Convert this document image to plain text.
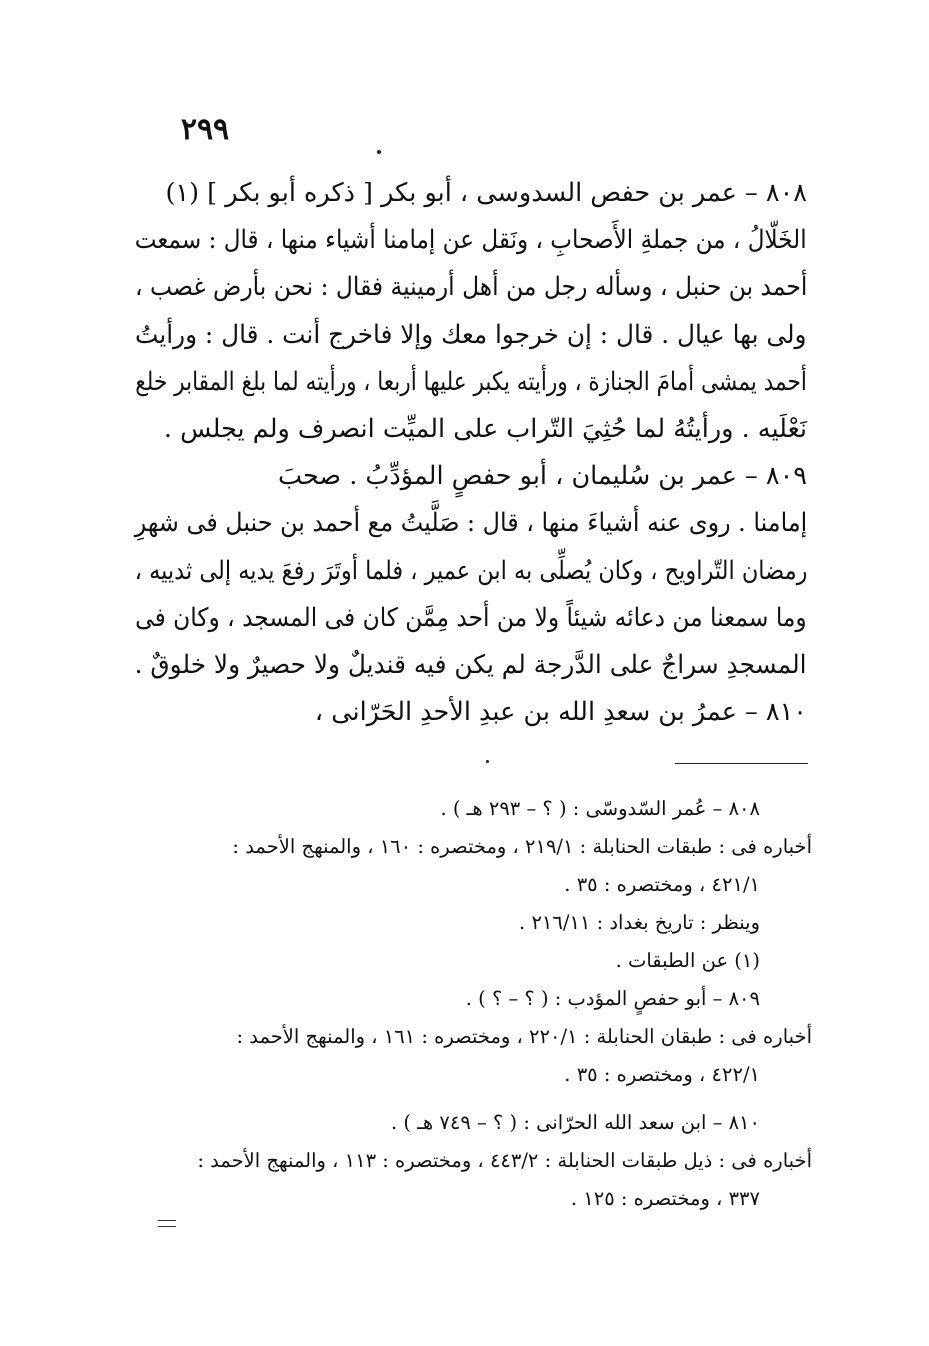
٢٩٩
٨٠٨ – عمر بن حفص السدوسى ، أبو بكر [ ذكره أبو بكر ] (١)
الخَلّالُ ، من جملةِ الأَصحابِ ، ونَقل عن إمامنا أشياء منها ، قال : سمعت
أحمد بن حنبل ، وسأله رجل من أهل أرمينية فقال : نحن بأرض غصب ،
ولى بها عيال . قال : إن خرجوا معك وإلا فاخرج أنت . قال : ورأيتُ
أحمد يمشى أمامَ الجنازة ، ورأيته يكبر عليها أربعا ، ورأيته لما بلغ المقابر خلع
نَعْلَيه . ورأيتُهُ لما حُثِيَ التّراب على الميِّت انصرف ولم يجلس .
٨٠٩ – عمر بن سُليمان ، أبو حفصٍ المؤدِّبُ . صحبَ
إمامنا . روى عنه أشياءَ منها ، قال : صَلَّيتُ مع أحمد بن حنبل فى شهرِ
رمضان التّراويح ، وكان يُصلِّى به ابن عمير ، فلما أوتَرَ رفعَ يديه إلى ثدييه ،
وما سمعنا من دعائه شيئاً ولا من أحد مِمَّن كان فى المسجد ، وكان فى
المسجدِ سراجٌ على الدَّرجة لم يكن فيه قنديلٌ ولا حصيرٌ ولا خلوقٌ .
٨١٠ – عمرُ بن سعدِ الله بن عبدِ الأحدِ الحَرّانى ،
٨٠٨ – عُمر السّدوسّى : ( ؟ – ٢٩٣ هـ ) .
أخباره فى : طبقات الحنابلة : ٢١٩/١ ، ومختصره : ١٦٠ ، والمنهج الأحمد :
٤٢١/١ ، ومختصره : ٣٥ .
وينظر : تاريخ بغداد : ٢١٦/١١ .
(١) عن الطبقات .
٨٠٩ – أبو حفصٍ المؤدب : ( ؟ – ؟ ) .
أخباره فى : طبقان الحنابلة : ٢٢٠/١ ، ومختصره : ١٦١ ، والمنهج الأحمد :
٤٢٢/١ ، ومختصره : ٣٥ .
٨١٠ – ابن سعد الله الحرّانى : ( ؟ – ٧٤٩ هـ ) .
أخباره فى : ذيل طبقات الحنابلة : ٤٤٣/٢ ، ومختصره : ١١٣ ، والمنهج الأحمد :
٣٣٧ ، ومختصره : ١٢٥ .
